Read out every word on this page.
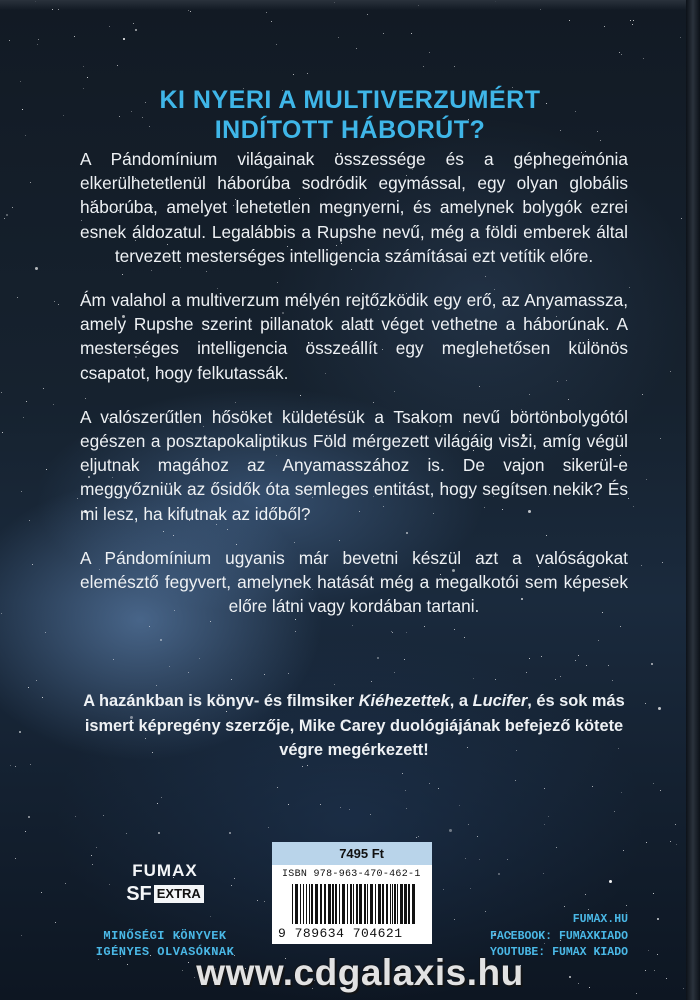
KI NYERI A MULTIVERZUMÉRT
INDÍTOTT HÁBORÚT?

A Pándomínium világainak összessége és a géphegemónia elkerülhetetlenül háborúba sodródik egymással, egy olyan globális háborúba, amelyet lehetetlen megnyerni, és amelynek bolygók ezrei esnek áldozatul. Legalábbis a Rupshe nevű, még a földi emberek által tervezett mesterséges intelligencia számításai ezt vetítik előre.

Ám valahol a multiverzum mélyén rejtőzködik egy erő, az Anyamassza, amely Rupshe szerint pillanatok alatt véget vethetne a háborúnak. A mesterséges intelligencia összeállít egy meglehetősen különös csapatot, hogy felkutassák.

A valószerűtlen hősöket küldetésük a Tsakom nevű börtönbolygótól egészen a posztapokaliptikus Föld mérgezett világáig viszi, amíg végül eljutnak magához az Anyamasszához is. De vajon sikerül-e meggyőzniük az ősidők óta semleges entitást, hogy segítsen nekik? És mi lesz, ha kifutnak az időből?

A Pándomínium ugyanis már bevetni készül azt a valóságokat elemésztő fegyvert, amelynek hatását még a megalkotói sem képesek előre látni vagy kordában tartani.

A hazánkban is könyv- és filmsiker Kiéhezettek, a Lucifer, és sok más ismert képregény szerzője, Mike Carey duológiájának befejező kötete végre megérkezett!
FUMAX
SF EXTRA
MINŐSÉGI KÖNYVEK
IGÉNYES OLVASÓKNAK
7495 Ft
ISBN 978-963-470-462-1
9 789634 704621
FUMAX.HU
FACEBOOK: FUMAXKIADO
YOUTUBE: FUMAX KIADO
www.cdgalaxis.hu
